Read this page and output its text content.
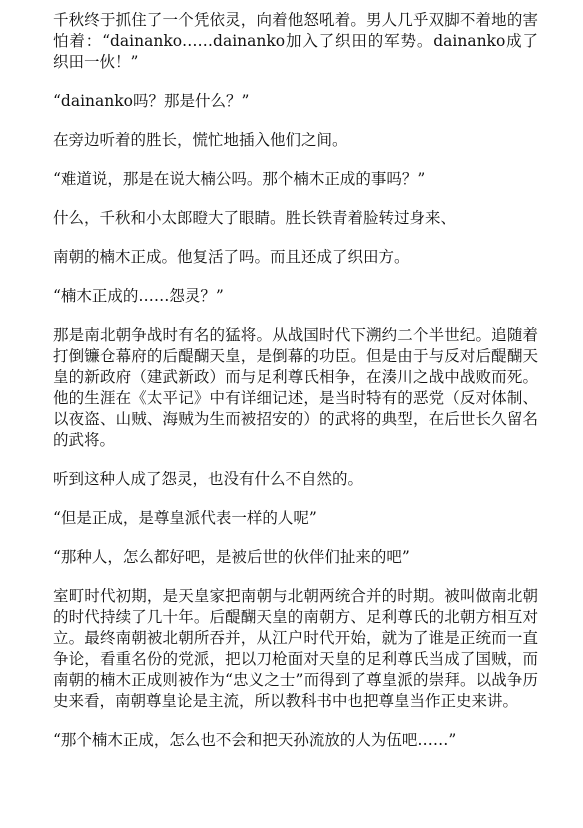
千秋终于抓住了一个凭依灵，向着他怒吼着。男人几乎双脚不着地的害怕着：“dainanko……dainanko加入了织田的军势。dainanko成了织田一伙！”

“dainanko吗？那是什么？”

在旁边听着的胜长，慌忙地插入他们之间。

“难道说，那是在说大楠公吗。那个楠木正成的事吗？”

什么，千秋和小太郎瞪大了眼睛。胜长铁青着脸转过身来、

南朝的楠木正成。他复活了吗。而且还成了织田方。

“楠木正成的……怨灵？”

那是南北朝争战时有名的猛将。从战国时代下溯约二个半世纪。追随着打倒镰仓幕府的后醍醐天皇，是倒幕的功臣。但是由于与反对后醍醐天皇的新政府（建武新政）而与足利尊氏相争，在湊川之战中战败而死。他的生涯在《太平记》中有详细记述，是当时特有的恶党（反对体制、以夜盗、山贼、海贼为生而被招安的）的武将的典型，在后世长久留名的武将。

听到这种人成了怨灵，也没有什么不自然的。

“但是正成，是尊皇派代表一样的人呢”

“那种人，怎么都好吧，是被后世的伙伴们扯来的吧”

室町时代初期，是天皇家把南朝与北朝两统合并的时期。被叫做南北朝的时代持续了几十年。后醍醐天皇的南朝方、足利尊氏的北朝方相互对立。最终南朝被北朝所吞并，从江户时代开始，就为了谁是正统而一直争论，看重名份的党派，把以刀枪面对天皇的足利尊氏当成了国贼，而南朝的楠木正成则被作为“忠义之士”而得到了尊皇派的崇拜。以战争历史来看，南朝尊皇论是主流，所以教科书中也把尊皇当作正史来讲。

“那个楠木正成，怎么也不会和把天孙流放的人为伍吧……”
